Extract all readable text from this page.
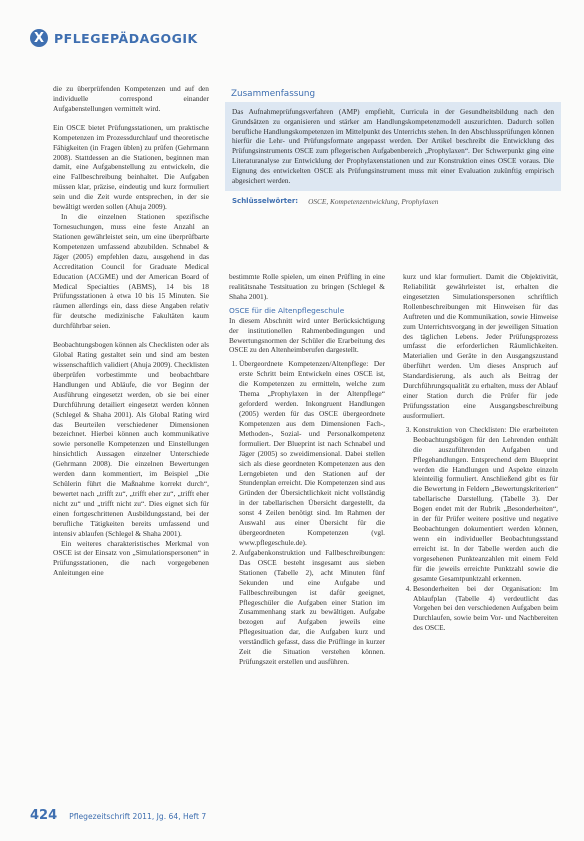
X PFLEGEPÄDAGOGIK

die zu überprüfenden Kompetenzen und auf den individuelle correspond einander Aufgabenstellungen vermittelt wird.

Ein OSCE bietet Prüfungsstationen, um praktische Kompetenzen im Prozessdurchlauf und theoretische Fähigkeiten (in Fragen üblen) zu prüfen (Gehrmann 2008). Stattdessen an die Stationen, beginnen man damit, eine Aufgabenstellung zu entwickeln, die eine Fallbeschreibung beinhaltet. Die Aufgaben müssen klar, präzise, eindeutig und kurz formuliert sein und die Zeit wurde entsprechen, in der sie bewältigt werden sollen (Ahuja 2009).

In die einzelnen Stationen spezifische Tornesuchungen, muss eine feste Anzahl an Stationen gewährleistet sein, um eine überprüfbarte Kompetenzen umfassend abzubilden. Schnabel & Jäger (2005) empfehlen dazu, ausgehend in das Accreditation Council for Graduate Medical Education (ACGME) und der American Board of Medical Specialties (ABMS), 14 bis 18 Prüfungsstationen à etwa 10 bis 15 Minuten. Sie räumen allerdings ein, dass diese Angaben relativ für deutsche medizinische Fakultäten kaum durchführbar seien.

Beobachtungsbogen können als Checklisten oder als Global Rating gestaltet sein und sind am besten wissenschaftlich validiert (Ahuja 2009). Checklisten überprüfen vorbestimmte und beobachtbare Handlungen und Abläufe, die vor Beginn der Ausführung eingesetzt werden, ob sie bei einer Durchführung detailiert eingesetzt werden können (Schlegel & Shaha 2001). Als Global Rating wird das Beurteilen verschiedener Dimensionen bezeichnet. Hierbei können auch kommunikative sowie personelle Kompetenzen und Einstellungen hinsichtlich Aussagen einzelner Unterschiede (Gehrmann 2008). Die einzelnen Bewertungen werden dann kommentiert, im Beispiel „Die Schülerin führt die Maßnahme korrekt durch“, bewertet nach „trifft zu“, „trifft eher zu“, „trifft eher nicht zu“ und „trifft nicht zu“. Dies eignet sich für einen fortgeschrittenen Ausbildungsstand, bei der berufliche Tätigkeiten bereits umfassend und intensiv ablaufen (Schlegel & Shaha 2001).

Ein weiteres charakteristisches Merkmal von OSCE ist der Einsatz von „Simulationspersonen“ in Prüfungsstationen, die nach vorgegebenen Anleitungen eine

Zusammenfassung
Das Aufnahmeprüfungsverfahren (AMP) empfiehlt, Curricula in der Gesundheitsbildung nach den Grundsätzen zu organisieren und stärker am Handlungskompetenzmodell auszurichten. Dadurch sollen berufliche Handlungskompetenzen im Mittelpunkt des Unterrichts stehen. In den Abschlussprüfungen können hierfür die Lehr- und Prüfungsformate angepasst werden. Der Artikel beschreibt die Entwicklung des Prüfungsinstruments OSCE zum pflegerischen Aufgabenbereich „Prophylaxen“. Der Schwerpunkt ging eine Literaturanalyse zur Entwicklung der Prophylaxenstationen und zur Konstruktion eines OSCE voraus. Die Eignung des entwickelten OSCE als Prüfungsinstrument muss mit einer Evaluation zukünftig empirisch abgesichert werden.
Schlüsselwörter: OSCE, Kompetenzentwicklung, Prophylaxen

bestimmte Rolle spielen, um einen Prüfling in eine realitätsnahe Testsituation zu bringen (Schlegel & Shaha 2001).

OSCE für die Altenpflegeschule

In diesem Abschnitt wird unter Berücksichtigung der institutionellen Rahmenbedingungen und Bewertungsnormen der Schüler die Erarbeitung des OSCE zu den Altenheimberufen dargestellt.

1. Übergeordnete Kompetenzen/Altenpflege: Der erste Schritt beim Entwickeln eines OSCE ist, die Kompetenzen zu ermitteln, welche zum Thema „Prophylaxen in der Altenpflege“ geforderd werden. Inkongruent Handlungen (2005) werden für das OSCE übergeordnete Kompetenzen aus dem Dimensionen Fach-, Methoden-, Sozial- und Personalkompetenz formuliert. Der Blueprint ist nach Schnabel und Jäger (2005) so zweidimensional. Dabei stellen sich als diese geordneten Kompetenzen aus den Lerngebieten und den Stationen auf der Stundenplan erreicht. Die Kompetenzen sind aus Gründen der Übersichtlichkeit nicht vollständig in der tabellarischen Übersicht dargestellt, da sonst 4 Zeilen benötigt sind. Im Rahmen der Auswahl aus einer Übersicht für die übergeordneten Kompetenzen (vgl. www.pflegeschule.de).
2. Aufgabenkonstruktion und Fallbeschreibungen: Das OSCE besteht insgesamt aus sieben Stationen (Tabelle 2), acht Minuten fünf Sekunden und eine Aufgabe und Fallbeschreibungen ist dafür geeignet, Pflegeschüler die Aufgaben einer Station im Zusammenhang stark zu bewältigen. Aufgabe bezogen auf Aufgaben jeweils eine Pflegesituation dar, die Aufgaben kurz und verständlich gefasst, dass die Prüflinge in kurzer Zeit die Situation verstehen können. Prüfungszeit erstellen und ausführen.

kurz und klar formuliert. Damit die Objektivität, Reliabilität gewährleistet ist, erhalten die eingesetzten Simulationspersonen schriftlich Rollenbeschreibungen mit Hinweisen für das Auftreten und die Kommunikation, sowie Hinweise zum Unterrichtsvorgang in der jeweiligen Situation des täglichen Lebens. Jeder Prüfungsprozess umfasst die erforderlichen Räumlichkeiten. Materialien und Geräte in den Ausgangszustand überführt werden. Um dieses Anspruch auf Standardisierung, als auch als Beitrag der Durchführungsqualität zu erhalten, muss der Ablauf einer Station durch die Prüfer für jede Prüfungsstation eine Ausgangsbeschreibung ausformuliert.

3. Konstruktion von Checklisten: Die erarbeiteten Beobachtungsbögen für den Lehrenden enthält die auszuführenden Aufgaben und Pflegehandlungen. Entsprechend dem Blueprint werden die Handlungen und Aspekte einzeln kleinteilig formuliert. Anschließend gibt es für die Bewertung in Feldern „Bewertungskriterien“ tabellarische Darstellung. (Tabelle 3). Der Bogen endet mit der Rubrik „Besonderheiten“, in der für Prüfer weitere positive und negative Beobachtungen dokumentiert werden können, wenn ein individueller Beobachtungsstand erreicht ist. In der Tabelle werden auch die vorgesehenen Punkteanzahlen mit einem Feld für die jeweils erreichte Punktzahl sowie die gesamte Gesamtpunktzahl erkennen.
4. Besonderheiten bei der Organisation: Im Ablaufplan (Tabelle 4) verdeutlicht das Vorgehen bei den verschiedenen Aufgaben beim Durchlaufen, sowie beim Vor- und Nachbereiten des OSCE.
424 Pflegezeitschrift 2011, Jg. 64, Heft 7
